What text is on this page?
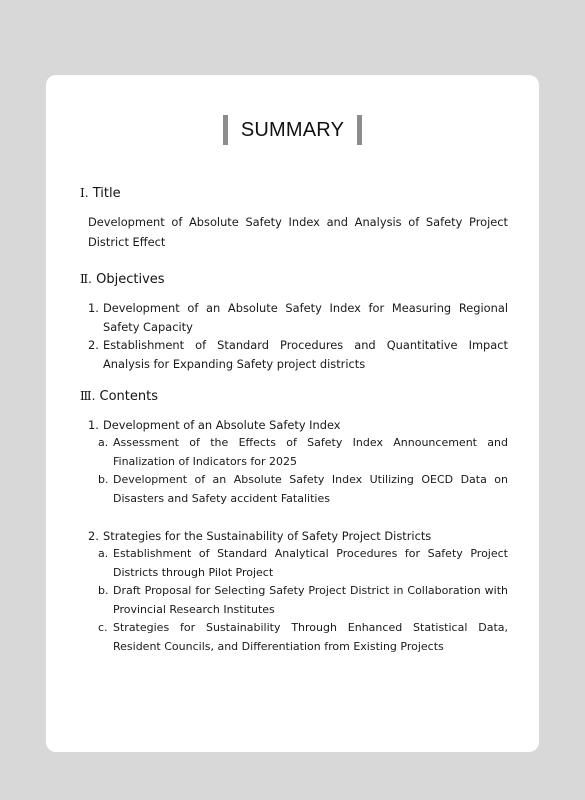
SUMMARY
Ⅰ. Title
Development of Absolute Safety Index and Analysis of Safety Project District Effect
Ⅱ. Objectives
1. Development of an Absolute Safety Index for Measuring Regional Safety Capacity
2. Establishment of Standard Procedures and Quantitative Impact Analysis for Expanding Safety project districts
Ⅲ. Contents
1. Development of an Absolute Safety Index
a. Assessment of the Effects of Safety Index Announcement and Finalization of Indicators for 2025
b. Development of an Absolute Safety Index Utilizing OECD Data on Disasters and Safety accident Fatalities
2. Strategies for the Sustainability of Safety Project Districts
a. Establishment of Standard Analytical Procedures for Safety Project Districts through Pilot Project
b. Draft Proposal for Selecting Safety Project District in Collaboration with Provincial Research Institutes
c. Strategies for Sustainability Through Enhanced Statistical Data, Resident Councils, and Differentiation from Existing Projects
